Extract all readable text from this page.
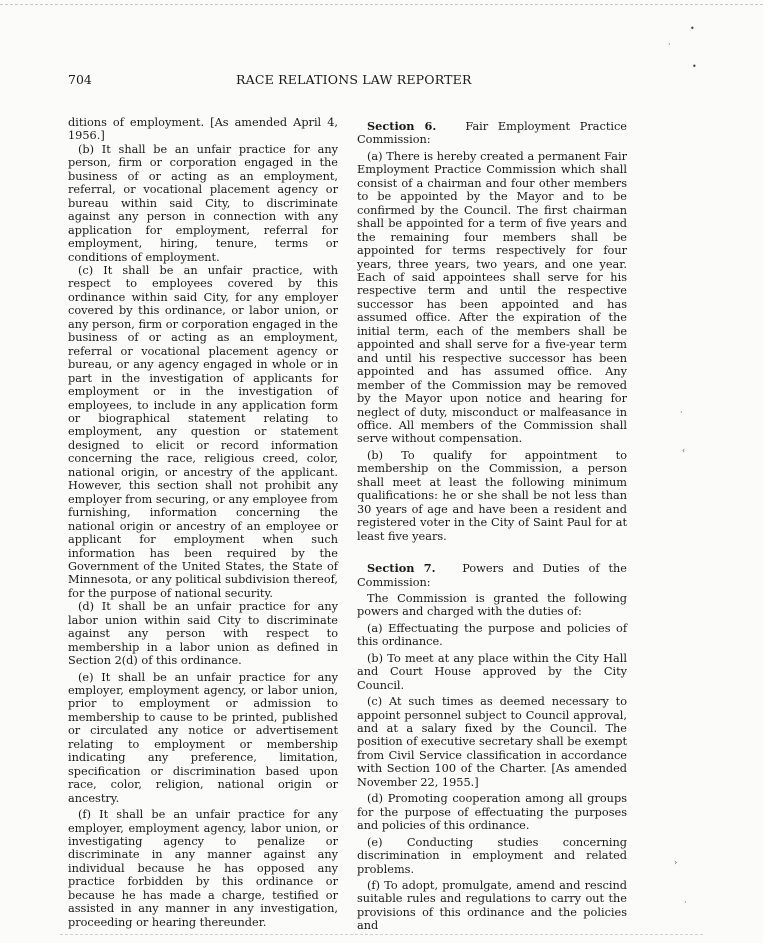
704	RACE RELATIONS LAW REPORTER

ditions of employment. [As amended April 4, 1956.]

(b) It shall be an unfair practice for any person, firm or corporation engaged in the business of or acting as an employment, referral, or vocational placement agency or bureau within said City, to discriminate against any person in connection with any application for employment, referral for employment, hiring, tenure, terms or conditions of employment.

(c) It shall be an unfair practice, with respect to employees covered by this ordinance within said City, for any employer covered by this ordinance, or labor union, or any person, firm or corporation engaged in the business of or acting as an employment, referral or vocational placement agency or bureau, or any agency engaged in whole or in part in the investigation of applicants for employment or in the investigation of employees, to include in any application form or biographical statement relating to employment, any question or statement designed to elicit or record information concerning the race, religious creed, color, national origin, or ancestry of the applicant. However, this section shall not prohibit any employer from securing, or any employee from furnishing, information concerning the national origin or ancestry of an employee or applicant for employment when such information has been required by the Government of the United States, the State of Minnesota, or any political subdivision thereof, for the purpose of national security.

(d) It shall be an unfair practice for any labor union within said City to discriminate against any person with respect to membership in a labor union as defined in Section 2(d) of this ordinance.

(e) It shall be an unfair practice for any employer, employment agency, or labor union, prior to employment or admission to membership to cause to be printed, published or circulated any notice or advertisement relating to employment or membership indicating any preference, limitation, specification or discrimination based upon race, color, religion, national origin or ancestry.

(f) It shall be an unfair practice for any employer, employment agency, labor union, or investigating agency to penalize or discriminate in any manner against any individual because he has opposed any practice forbidden by this ordinance or because he has made a charge, testified or assisted in any manner in any investigation, proceeding or hearing thereunder.

Section 6.	Fair Employment Practice Commission:

(a) There is hereby created a permanent Fair Employment Practice Commission which shall consist of a chairman and four other members to be appointed by the Mayor and to be confirmed by the Council. The first chairman shall be appointed for a term of five years and the remaining four members shall be appointed for terms respectively for four years, three years, two years, and one year. Each of said appointees shall serve for his respective term and until the respective successor has been appointed and has assumed office. After the expiration of the initial term, each of the members shall be appointed and shall serve for a five-year term and until his respective successor has been appointed and has assumed office. Any member of the Commission may be removed by the Mayor upon notice and hearing for neglect of duty, misconduct or malfeasance in office. All members of the Commission shall serve without compensation.

(b) To qualify for appointment to membership on the Commission, a person shall meet at least the following minimum qualifications: he or she shall be not less than 30 years of age and have been a resident and registered voter in the City of Saint Paul for at least five years.

Section 7. Powers and Duties of the Commission:

The Commission is granted the following powers and charged with the duties of:

(a) Effectuating the purpose and policies of this ordinance.

(b) To meet at any place within the City Hall and Court House approved by the City Council.

(c) At such times as deemed necessary to appoint personnel subject to Council approval, and at a salary fixed by the Council. The position of executive secretary shall be exempt from Civil Service classification in accordance with Section 100 of the Charter. [As amended November 22, 1955.]

(d) Promoting cooperation among all groups for the purpose of effectuating the purposes and policies of this ordinance.

(e) Conducting studies concerning discrimination in employment and related problems.

(f) To adopt, promulgate, amend and rescind suitable rules and regulations to carry out the provisions of this ordinance and the policies and

•
·
•
·
‹
›
·
